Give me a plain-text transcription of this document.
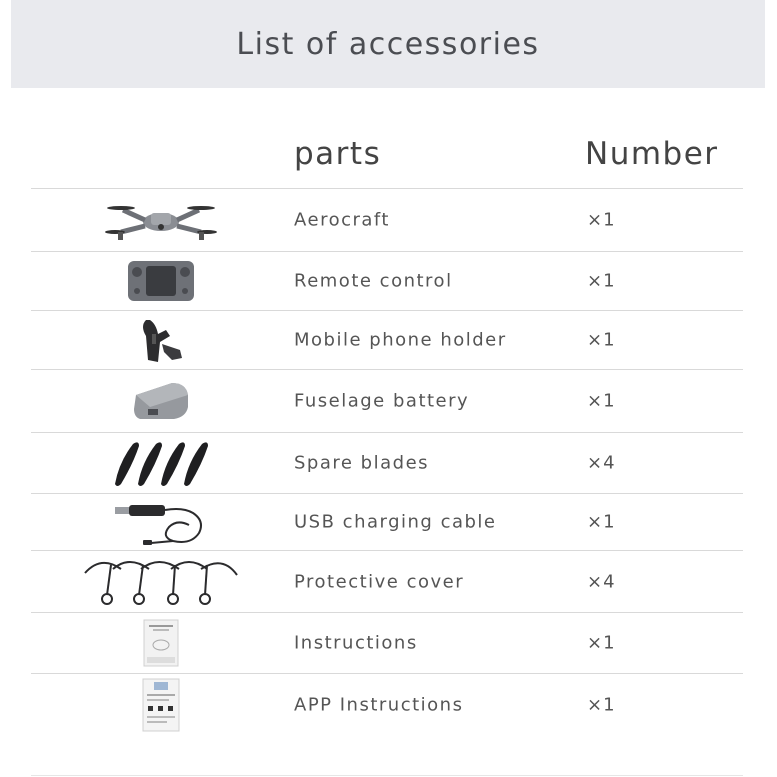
List of accessories
parts	Number
Aerocraft	×1
Remote control	×1
Mobile phone holder	×1
Fuselage battery	×1
Spare blades	×4
USB charging cable	×1
Protective cover	×4
Instructions	×1
APP Instructions	×1
